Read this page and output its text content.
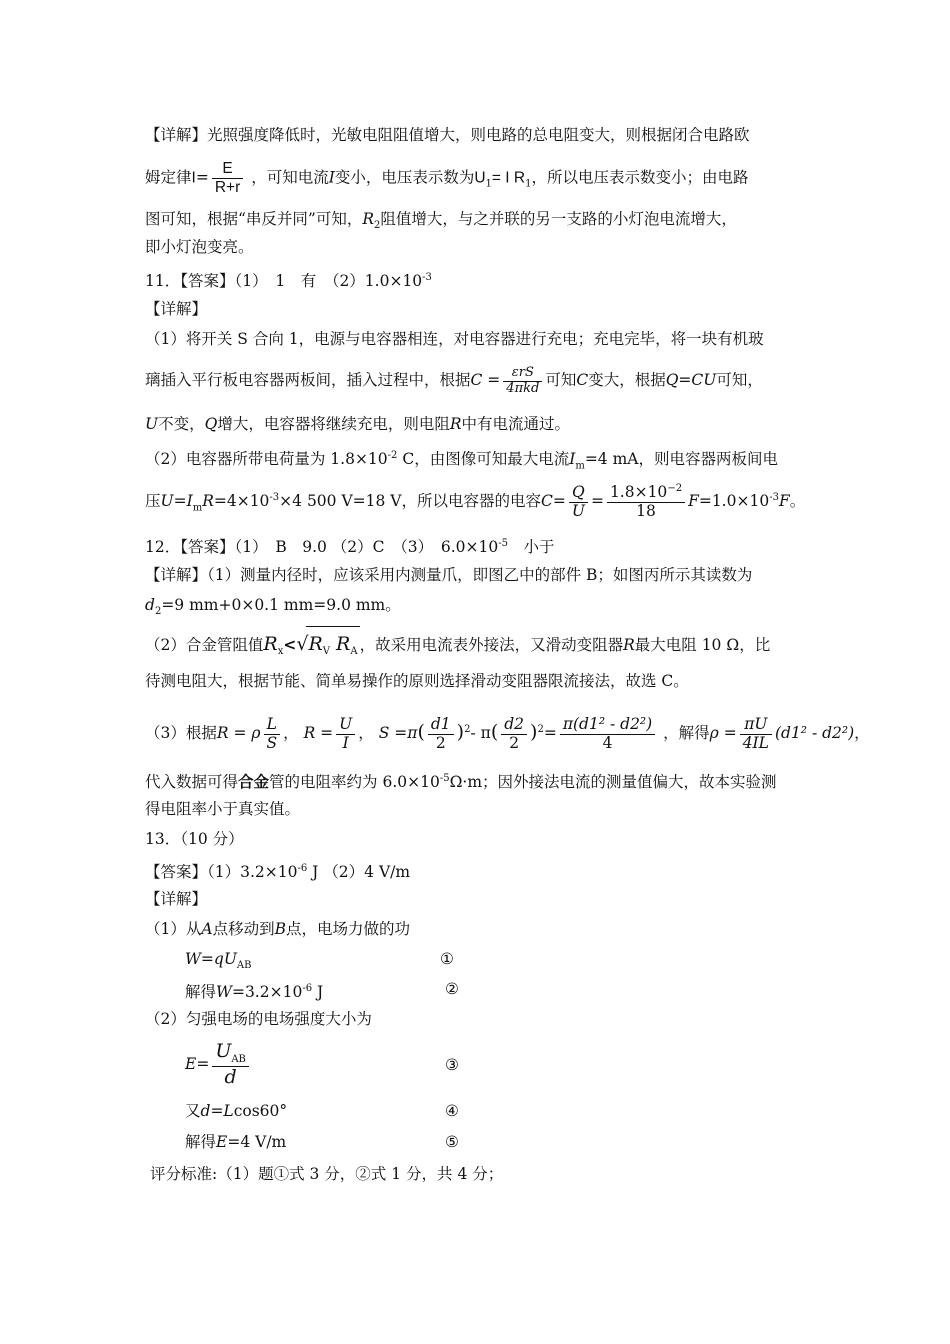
【详解】光照强度降低时，光敏电阻阻值增大，则电路的总电阻变大，则根据闭合电路欧
姆定律$I= \frac{E}{R+r}$ ，可知电流I变小，电压表示数为$U_1= I$ $R_1$，所以电压表示数变小；由电路
图可知，根据“串反并同”可知，$R_2$阻值增大，与之并联的另一支路的小灯泡电流增大，
即小灯泡变亮。
11．【答案】（1）　1　有　$(2)1.0\times 10^{-3}$
【详解】
（1）将开关 S 合向 1，电源与电容器相连，对电容器进行充电；充电完毕，将一块有机玻
璃插入平行板电容器两板间，插入过程中，根据$C = \frac{\text{εrS}}{\text{4πkd}}$ 可知C变大，根据Q=CU可知，
U不变，Q增大，电容器将继续充电，则电阻R中有电流通过。
（2）电容器所带电荷量为 $1.8\times 10^{-2}$ C，由图像可知最大电流$I_m=4$ mA，则电容器两板间电
压$U=I_mR=4\times 10^{-3}\times 4$ 500 V=18 V，所以电容器的电容$C= \frac{Q}{U} = \frac{1.8\times 10^{-2}}{18} F=1.0\times 10^{-3}F$。
12．【答案】（1）　B　9.0 （2）C　（3）　$6.0\times 10^{-5}$　小于
【详解】（1）测量内径时，应该采用内测量爪，即图乙中的部件 B；如图丙所示其读数为
$d_2=9$ mm+0×0.1 mm=9.0 mm。
（2）合金管阻值$R_x<√R_V$ $R_A$ ，故采用电流表外接法，又滑动变阻器R最大电阻 10 Ω，比
待测电阻大，根据节能、简单易操作的原则选择滑动变阻器限流接法，故选 C。
（3）根据R = ρ $\frac{L}{S}$ ， $R = \frac{U}{I}$ ， $S =\pi( \frac{d1}{2} )^2-$ $\pi( \frac{d2}{2} )^2= \frac{\text{π(d1² - d2²)}}{4}$ ，解得$\rho = \frac{\pi U}{4IL} (d1^2 - d2^2)$，
代入数据可得合金管的电阻率约为 $6.0\times 10^{-5}\Omega\cdot m$；因外接法电流的测量值偏大，故本实验测
得电阻率小于真实值。
13．（10 分）
【答案】$(1)3.2\times 10^{-6}$ J （2）4 V/m
【详解】
（1）从A点移动到B点，电场力做的功
$W=qU_{AB}$	①
解得$W=3.2\times 10^{-6}$ J	②
（2）匀强电场的电场强度大小为
$E= \frac{U_{AB}}{d}$	③
又d=Lcos60°	④
解得E=4 V/m	⑤
评分标准:（1）题①式 3 分，②式 1 分，共 4 分；
